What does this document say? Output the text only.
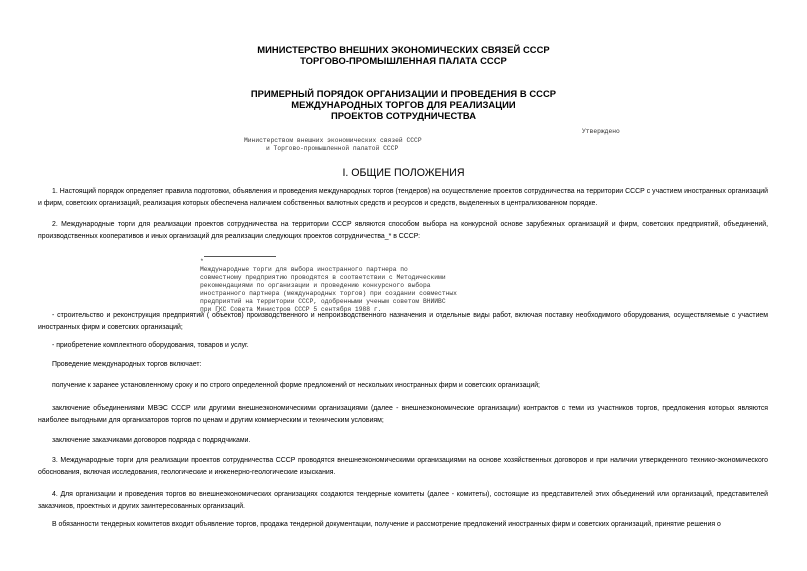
МИНИСТЕРСТВО ВНЕШНИХ ЭКОНОМИЧЕСКИХ СВЯЗЕЙ СССР
ТОРГОВО-ПРОМЫШЛЕННАЯ ПАЛАТА СССР
ПРИМЕРНЫЙ ПОРЯДОК ОРГАНИЗАЦИИ И ПРОВЕДЕНИЯ В СССР
МЕЖДУНАРОДНЫХ ТОРГОВ ДЛЯ РЕАЛИЗАЦИИ
ПРОЕКТОВ СОТРУДНИЧЕСТВА
Утверждено
Министерством внешних экономических связей СССР
и Торгово-промышленной палатой СССР
I. ОБЩИЕ ПОЛОЖЕНИЯ
1. Настоящий порядок определяет правила подготовки, объявления и проведения международных торгов (тендеров) на осуществление проектов сотрудничества на территории СССР с участием иностранных организаций и фирм, советских организаций, реализация которых обеспечена наличием собственных валютных средств и ресурсов и средств, выделенных в централизованном порядке.
2. Международные торги для реализации проектов сотрудничества на территории СССР являются способом выбора на конкурсной основе зарубежных организаций и фирм, советских предприятий, объединений, производственных кооперативов и иных организаций для реализации следующих проектов сотрудничества_* в СССР:
*
Международные торги для выбора иностранного партнера по
совместному предприятию проводятся в соответствии с Методическими
рекомендациями по организации и проведению конкурсного выбора
иностранного партнера (международных торгов) при создании совместных
предприятий на территории СССР, одобренными ученым советом ВНИИВС
при ГКС Совета Министров СССР 5 сентября 1988 г.
- строительство и реконструкция предприятий ( объектов) производственного и непроизводственного назначения и отдельные виды работ, включая поставку необходимого оборудования, осуществляемые с участием иностранных фирм и советских организаций;
- приобретение комплектного оборудования, товаров и услуг.
Проведение международных торгов включает:
получение к заранее установленному сроку и по строго определенной форме предложений от нескольких иностранных фирм и советских организаций;
заключение объединениями МВЭС СССР или другими внешнеэкономическими организациями (далее - внешнеэкономические организации) контрактов с теми из участников торгов, предложения которых являются наиболее выгодными для организаторов торгов по ценам и другим коммерческим и техническим условиям;
заключение заказчиками договоров подряда с подрядчиками.
3. Международные торги для реализации проектов сотрудничества СССР проводятся внешнеэкономическими организациями на основе хозяйственных договоров и при наличии утвержденного технико-экономического обоснования, включая исследования, геологические и инженерно-геологические изыскания.
4. Для организации и проведения торгов во внешнеэкономических организациях создаются тендерные комитеты (далее - комитеты), состоящие из представителей этих объединений или организаций, представителей заказчиков, проектных и других заинтересованных организаций.
В обязанности тендерных комитетов входит объявление торгов, продажа тендерной документации, получение и рассмотрение предложений иностранных фирм и советских организаций, принятие решения о
